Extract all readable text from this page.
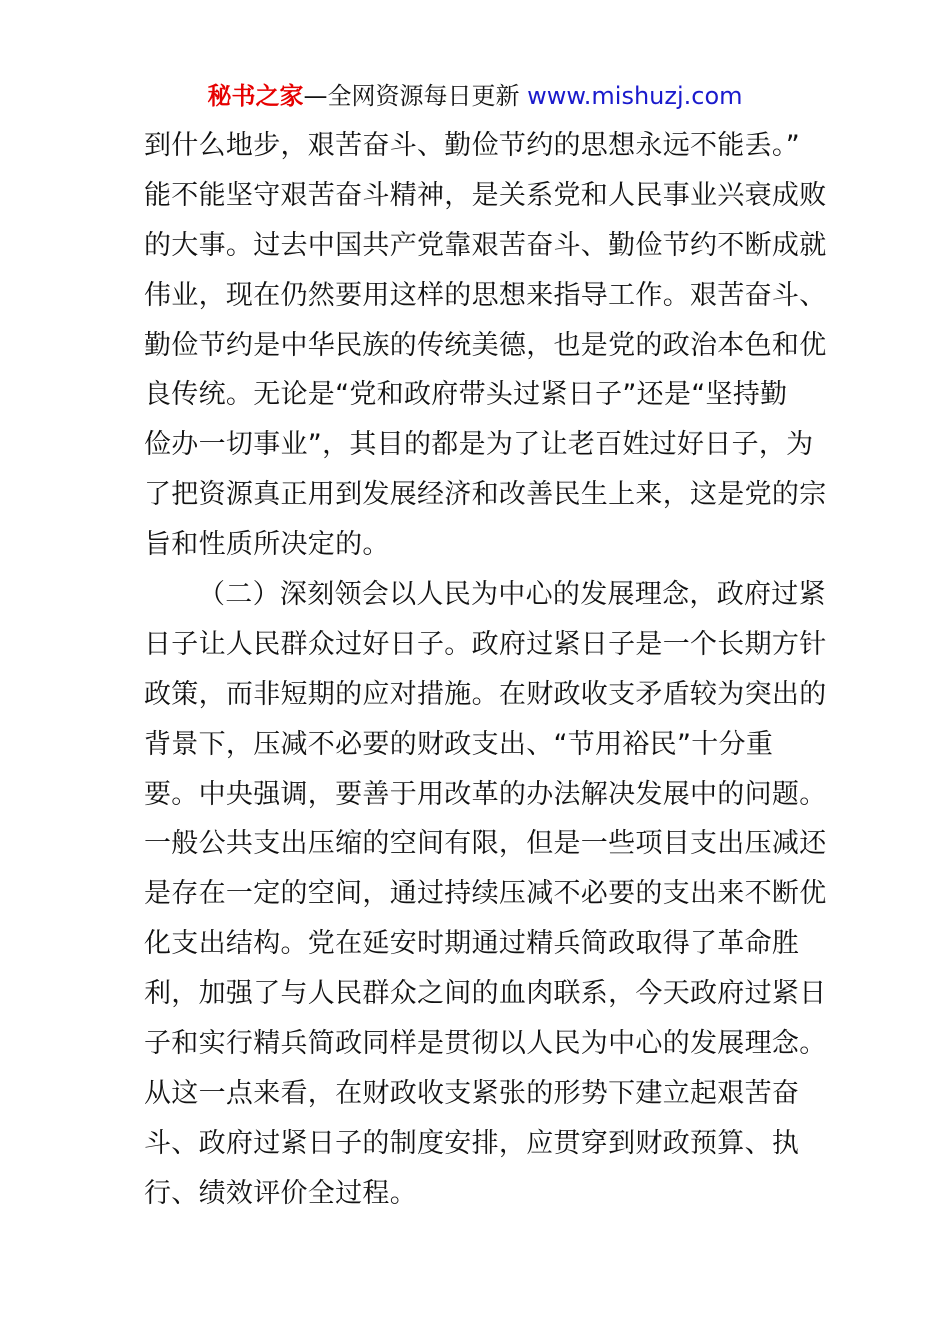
秘书之家—全网资源每日更新 www.mishuzj.com
到什么地步，艰苦奋斗、勤俭节约的思想永远不能丢。”
能不能坚守艰苦奋斗精神，是关系党和人民事业兴衰成败
的大事。过去中国共产党靠艰苦奋斗、勤俭节约不断成就
伟业，现在仍然要用这样的思想来指导工作。艰苦奋斗、
勤俭节约是中华民族的传统美德，也是党的政治本色和优
良传统。无论是“党和政府带头过紧日子”还是“坚持勤
俭办一切事业”，其目的都是为了让老百姓过好日子，为
了把资源真正用到发展经济和改善民生上来，这是党的宗
旨和性质所决定的。
（二）深刻领会以人民为中心的发展理念，政府过紧
日子让人民群众过好日子。政府过紧日子是一个长期方针
政策，而非短期的应对措施。在财政收支矛盾较为突出的
背景下，压减不必要的财政支出、“节用裕民”十分重
要。中央强调，要善于用改革的办法解决发展中的问题。
一般公共支出压缩的空间有限，但是一些项目支出压减还
是存在一定的空间，通过持续压减不必要的支出来不断优
化支出结构。党在延安时期通过精兵简政取得了革命胜
利，加强了与人民群众之间的血肉联系，今天政府过紧日
子和实行精兵简政同样是贯彻以人民为中心的发展理念。
从这一点来看，在财政收支紧张的形势下建立起艰苦奋
斗、政府过紧日子的制度安排，应贯穿到财政预算、执
行、绩效评价全过程。
